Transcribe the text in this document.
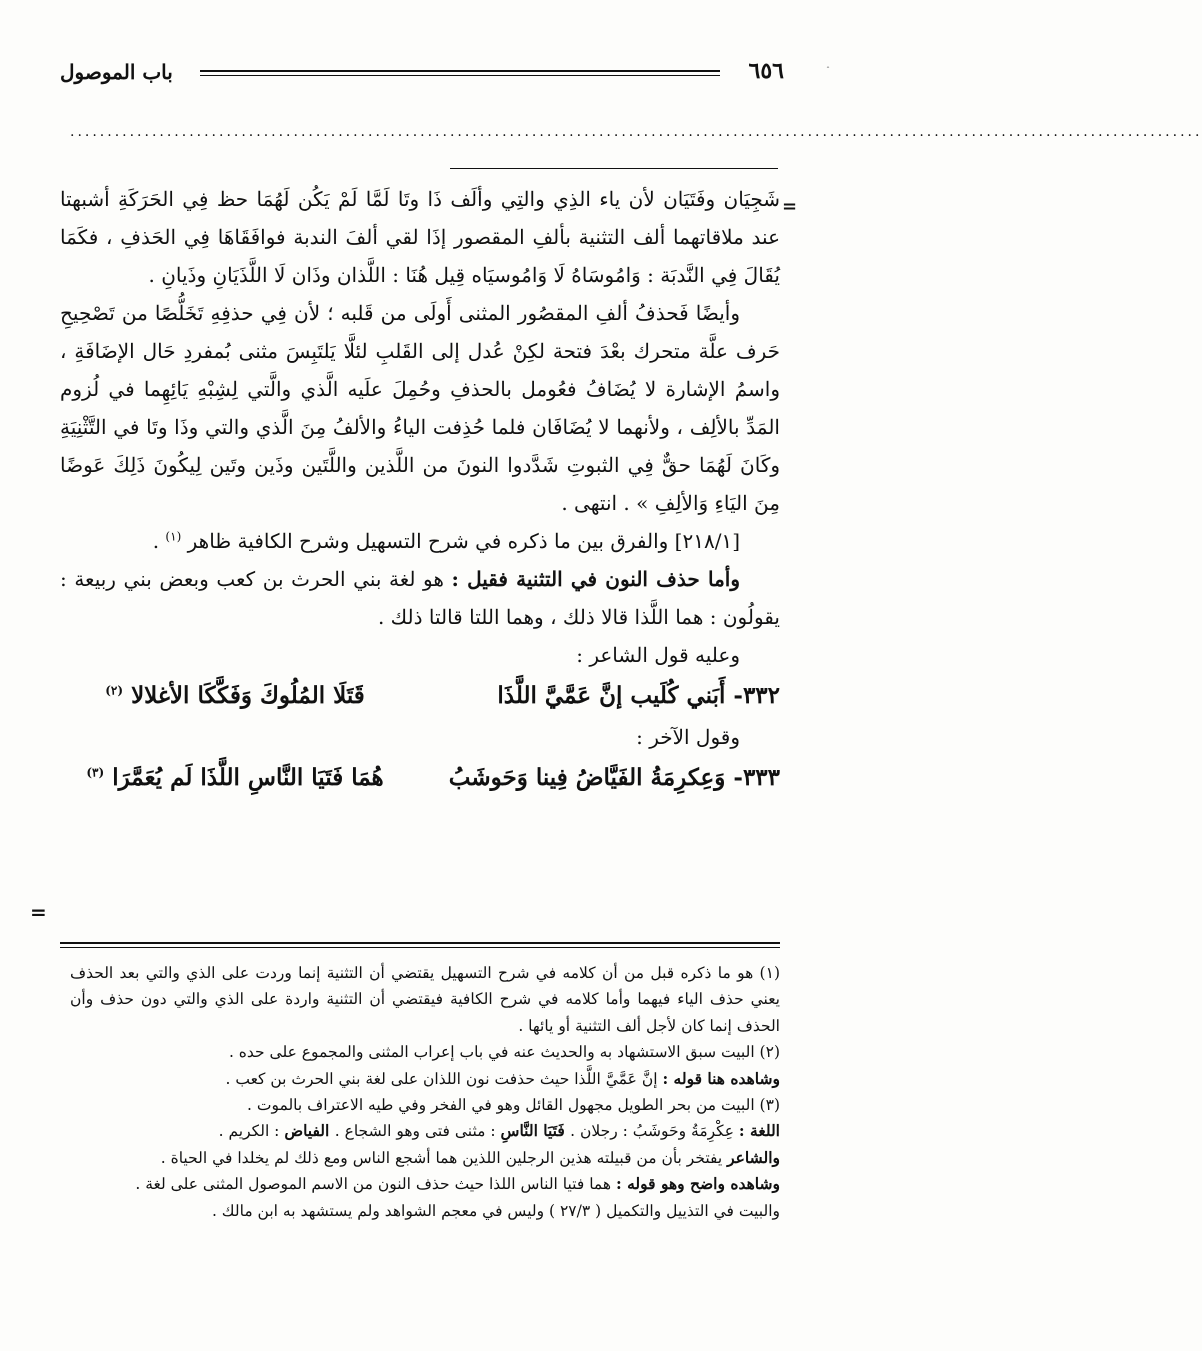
ˆ
٦٥٦
باب الموصول
........................................................................................................................................................
=

شَجِيَان وفَتَيَان لأن ياء الذِي والتِي وألَف ذَا وتَا لَمَّا لَمْ يَكُن لَهُمَا حظ فِي الحَرَكَةِ أشبهتا عند ملاقاتهما ألف التثنية بألفِ المقصور إذَا لقي ألفَ الندبة فوافَقَاهَا فِي الحَذفِ ، فكَمَا يُقَالَ فِي النَّدبَة : وَامُوسَاهُ لَا وَامُوسيَاه قِيل هُنَا : اللَّذان وذَان لَا اللَّذَيَانِ وذَيانِ .

وأيضًا فَحذفُ ألفِ المقصُور المثنى أَولَى من قَلبه ؛ لأن فِي حذفِهِ تَخَلُّصًا من تَصْحِيحِ حَرف علَّة متحرك بعْدَ فتحة لكِنْ عُدل إلى القَلبِ لئلَّا يَلتَبِسَ مثنى بُمفردِ حَال الإضَافَةِ ، واسمُ الإشارة لا يُضَافُ فعُومل بالحذفِ وحُمِلَ علَيه الَّذي والَّتي لِشِبْهِ يَائِهِما في لُزوم المَدِّ بالألِف ، ولأنهما لا يُضَافَان فلما حُذِفت الياءُ والألفُ مِنَ الَّذي والتي وذَا وتَا في التَّثْنِيَةِ وكَانَ لَهُمَا حقٌّ فِي الثبوتِ شَدَّدوا النونَ من اللَّذين واللَّتَين وذَين وتَين لِيكُونَ ذَلِكَ عَوضًا مِنَ اليَاءِ وَالألِفِ » . انتهى .

[٢١٨/١] والفرق بين ما ذكره في شرح التسهيل وشرح الكافية ظاهر $^{(١)}$ .

وأما حذف النون في التثنية فقيل : هو لغة بني الحرث بن كعب وبعض بني ربيعة : يقولُون : هما اللَّذا قالا ذلك ، وهما اللتا قالتا ذلك .

وعليه قول الشاعر :

٣٣٢- أَبَني كُلَيب إنَّ عَمَّيَّ اللَّذَا
قَتَلَا المُلُوكَ وَفَكَّكَا الأغلالا $^{(٢)}$

وقول الآخر :

٣٣٣- وَعِكرِمَةُ الفَيَّاضُ فِينا وَحَوشَبُ
هُمَا فَتَيَا النَّاسِ اللَّذَا لَم يُعَمَّرَا $^{(٣)}$
=

(١) هو ما ذكره قبل من أن كلامه في شرح التسهيل يقتضي أن التثنية إنما وردت على الذي والتي بعد الحذف يعني حذف الياء فيهما وأما كلامه في شرح الكافية فيقتضي أن التثنية واردة على الذي والتي دون حذف وأن الحذف إنما كان لأجل ألف التثنية أو يائها .

(٢) البيت سبق الاستشهاد به والحديث عنه في باب إعراب المثنى والمجموع على حده .

وشاهده هنا قوله : إنَّ عَمَّيَّ اللَّذا حيث حذفت نون اللذان على لغة بني الحرث بن كعب .

(٣) البيت من بحر الطويل مجهول القائل وهو في الفخر وفي طيه الاعتراف بالموت .

اللغة : عِكْرِمَةُ وحَوشَبُ : رجلان . فَتَيَا النَّاسِ : مثنى فتى وهو الشجاع . الفياض : الكريم .

والشاعر يفتخر بأن من قبيلته هذين الرجلين اللذين هما أشجع الناس ومع ذلك لم يخلدا في الحياة .

وشاهده واضح وهو قوله : هما فتيا الناس اللذا حيث حذف النون من الاسم الموصول المثنى على لغة .

والبيت في التذييل والتكميل ( ٢٧/٣ ) وليس في معجم الشواهد ولم يستشهد به ابن مالك .
